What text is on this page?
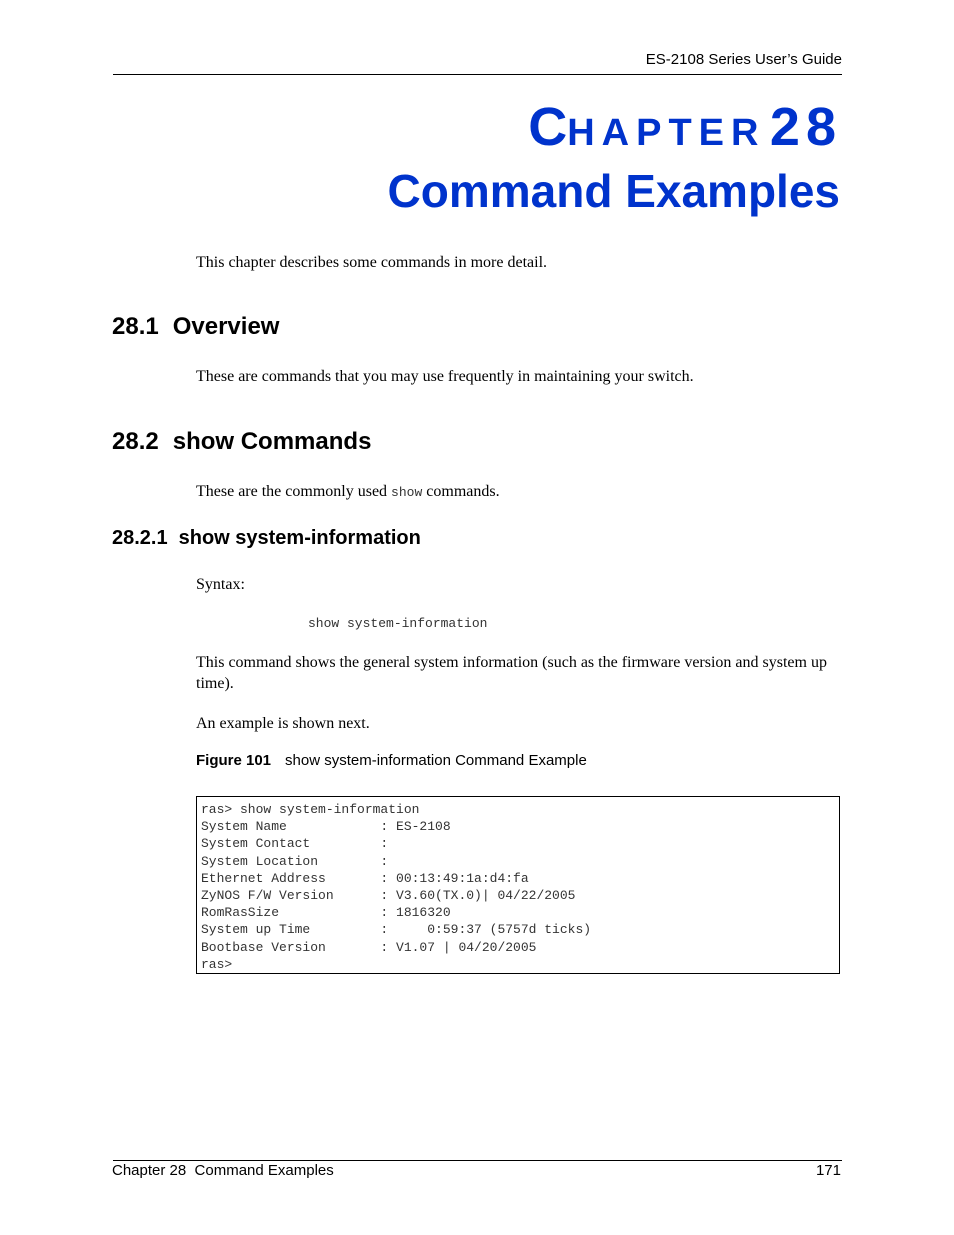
ES-2108 Series User’s Guide
CHAPTER 28
Command Examples
This chapter describes some commands in more detail.
28.1 Overview
These are commands that you may use frequently in maintaining your switch.
28.2 show Commands
These are the commonly used show commands.
28.2.1 show system-information
Syntax:
show system-information
This command shows the general system information (such as the firmware version and system up time).
An example is shown next.
Figure 101 show system-information Command Example
ras> show system-information
System Name            : ES-2108
System Contact         :
System Location        :
Ethernet Address       : 00:13:49:1a:d4:fa
ZyNOS F/W Version      : V3.60(TX.0)| 04/22/2005
RomRasSize             : 1816320
System up Time         :     0:59:37 (5757d ticks)
Bootbase Version       : V1.07 | 04/20/2005
ras>
Chapter 28  Command Examples	171
